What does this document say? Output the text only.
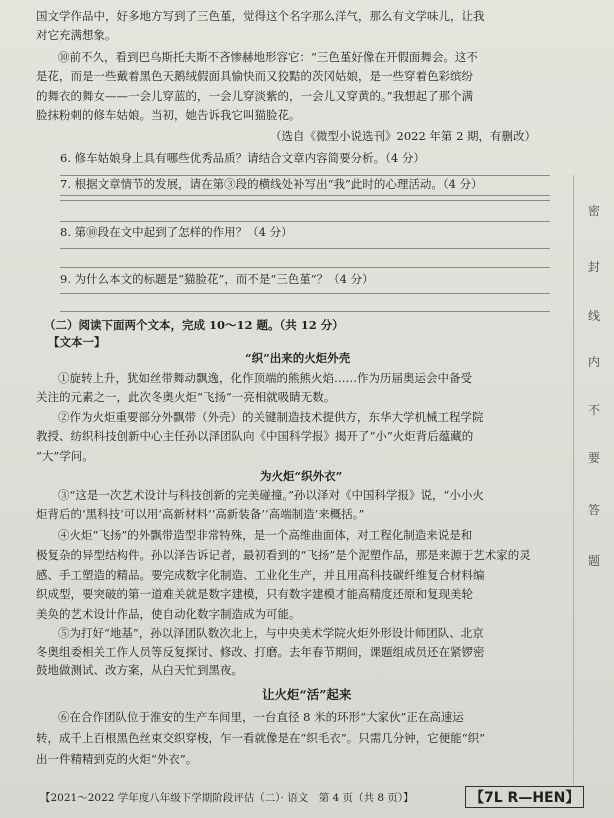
国文学作品中，好多地方写到了三色堇，觉得这个名字那么洋气，那么有文学味儿，让我
对它充满想象。
⑩前不久，看到巴乌斯托夫斯不吝惨赫地形容它：“三色堇好像在开假面舞会。这不
是花，而是一些戴着黑色天鹅绒假面具愉快而又狡黠的茨冈姑娘，是一些穿着色彩缤纷
的舞衣的舞女——一会儿穿蓝的，一会儿穿淡紫的，一会儿又穿黄的。”我想起了那个满
脸抹粉刺的修车姑娘。当初，她告诉我它叫猫脸花。
（选自《微型小说选刊》2022 年第 2 期，有删改）
6. 修车姑娘身上具有哪些优秀品质？请结合文章内容简要分析。（4 分）
7. 根据文章情节的发展，请在第③段的横线处补写出“我”此时的心理活动。（4 分）
8. 第⑩段在文中起到了怎样的作用？（4 分）
9. 为什么本文的标题是“猫脸花”，而不是“三色堇”？（4 分）
（二）阅读下面两个文本，完成 10～12 题。（共 12 分）
【文本一】
“织”出来的火炬外壳
①旋转上升，犹如丝带舞动飘逸，化作顶端的熊熊火焰……作为历届奥运会中备受
关注的元素之一，此次冬奥火炬“飞扬”一亮相就吸睛无数。
②作为火炬重要部分外飘带（外壳）的关键制造技术提供方，东华大学机械工程学院
教授、纺织科技创新中心主任孙以泽团队向《中国科学报》揭开了“小”火炬背后蕴藏的
“大”学问。
为火炬“织外衣”
③“这是一次艺术设计与科技创新的完美碰撞。”孙以泽对《中国科学报》说，“小小火
炬背后的‘黑科技’可以用‘高新材料’‘高新装备’‘高端制造’来概括。”
④火炬“飞扬”的外飘带造型非常特殊，是一个高维曲面体，对工程化制造来说是和
极复杂的异型结构件。孙以泽告诉记者，最初看到的“飞扬”是个泥塑作品，那是来源于艺术家的灵
感、手工塑造的精品。要完成数字化制造、工业化生产，并且用高科技碳纤维复合材料编
织成型，要突破的第一道难关就是数字建模，只有数字建模才能高精度还原和复现美轮
美奂的艺术设计作品，使自动化数字制造成为可能。
⑤为打好“地基”，孙以泽团队数次北上，与中央美术学院火炬外形设计师团队、北京
冬奥组委相关工作人员等反复探讨、修改、打磨。去年春节期间，课题组成员还在紧锣密
鼓地做测试、改方案，从白天忙到黑夜。
密
封
线
内
不
要
答
题
让火炬“活”起来
⑥在合作团队位于淮安的生产车间里，一台直径 8 米的环形“大家伙”正在高速运
转，成千上百根黑色丝束交织穿梭，乍一看就像是在“织毛衣”。只需几分钟，它便能“织”
出一件精精到克的火炬“外衣”。
【2021～2022 学年度八年级下学期阶段评估（二）· 语文　第 4 页（共 8 页）】	【7L R—HEN】
